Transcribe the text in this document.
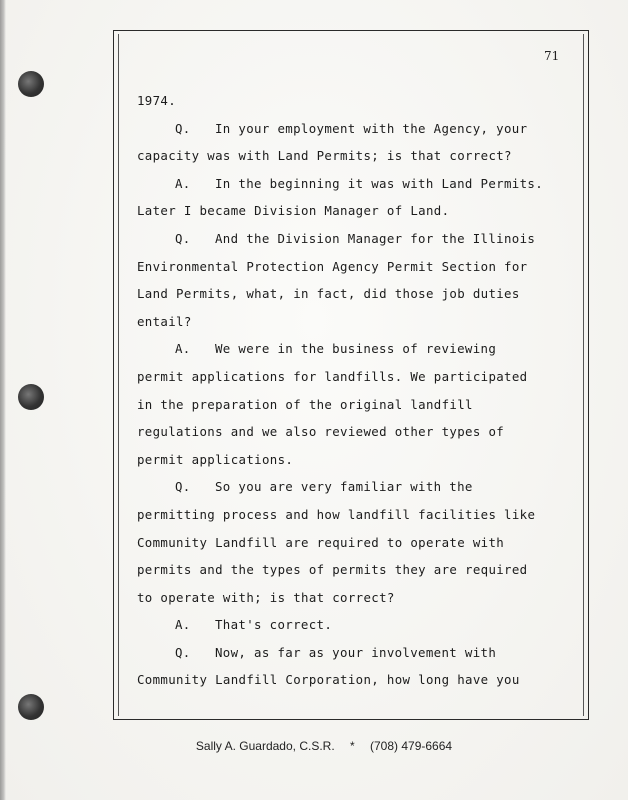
71
1974.
Q. In your employment with the Agency, your
capacity was with Land Permits; is that correct?
A. In the beginning it was with Land Permits.
Later I became Division Manager of Land.
Q. And the Division Manager for the Illinois
Environmental Protection Agency Permit Section for
Land Permits, what, in fact, did those job duties
entail?
A. We were in the business of reviewing
permit applications for landfills. We participated
in the preparation of the original landfill
regulations and we also reviewed other types of
permit applications.
Q. So you are very familiar with the
permitting process and how landfill facilities like
Community Landfill are required to operate with
permits and the types of permits they are required
to operate with; is that correct?
A. That's correct.
Q. Now, as far as your involvement with
Community Landfill Corporation, how long have you
Sally A. Guardado, C.S.R. * (708) 479-6664
